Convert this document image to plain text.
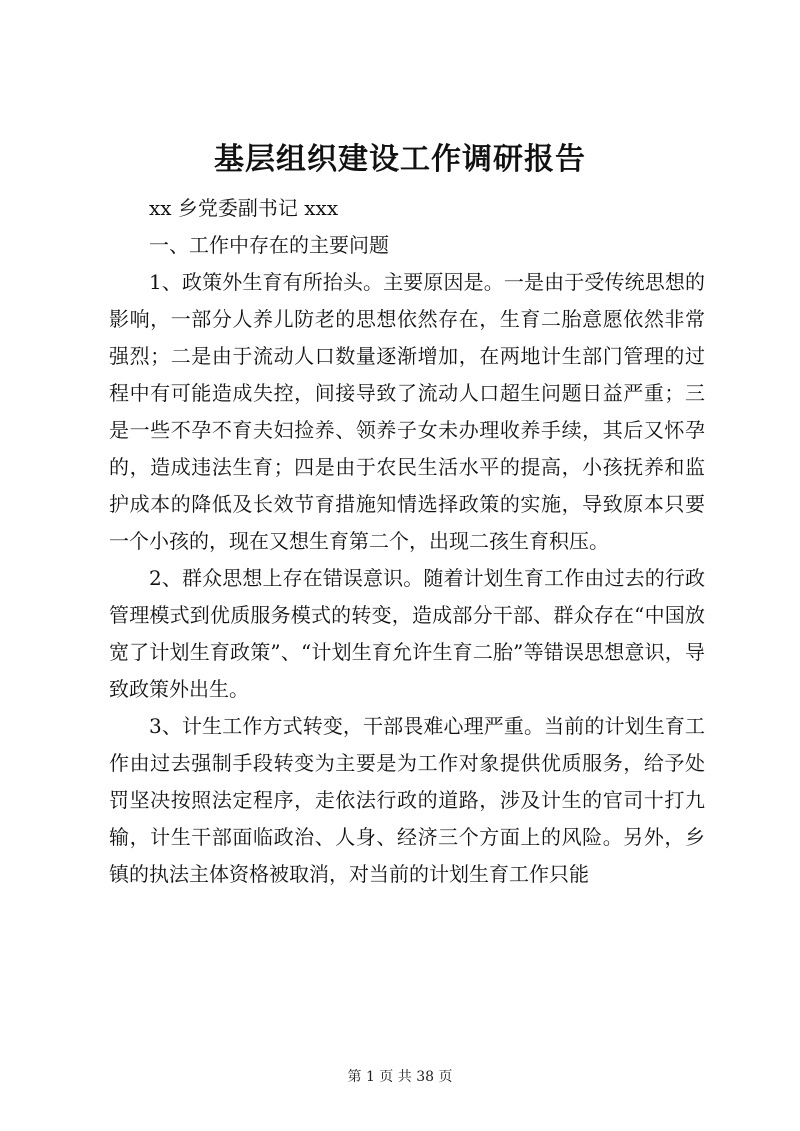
基层组织建设工作调研报告

xx 乡党委副书记 xxx

一、工作中存在的主要问题

1、政策外生育有所抬头。主要原因是。一是由于受传统思想的影响，一部分人养儿防老的思想依然存在，生育二胎意愿依然非常强烈；二是由于流动人口数量逐渐增加，在两地计生部门管理的过程中有可能造成失控，间接导致了流动人口超生问题日益严重；三是一些不孕不育夫妇捡养、领养子女未办理收养手续，其后又怀孕的，造成违法生育；四是由于农民生活水平的提高，小孩抚养和监护成本的降低及长效节育措施知情选择政策的实施，导致原本只要一个小孩的，现在又想生育第二个，出现二孩生育积压。

2、群众思想上存在错误意识。随着计划生育工作由过去的行政管理模式到优质服务模式的转变，造成部分干部、群众存在“中国放宽了计划生育政策”、“计划生育允许生育二胎”等错误思想意识，导致政策外出生。

3、计生工作方式转变，干部畏难心理严重。当前的计划生育工作由过去强制手段转变为主要是为工作对象提供优质服务，给予处罚坚决按照法定程序，走依法行政的道路，涉及计生的官司十打九输，计生干部面临政治、人身、经济三个方面上的风险。另外，乡镇的执法主体资格被取消，对当前的计划生育工作只能

第 1 页 共 38 页
